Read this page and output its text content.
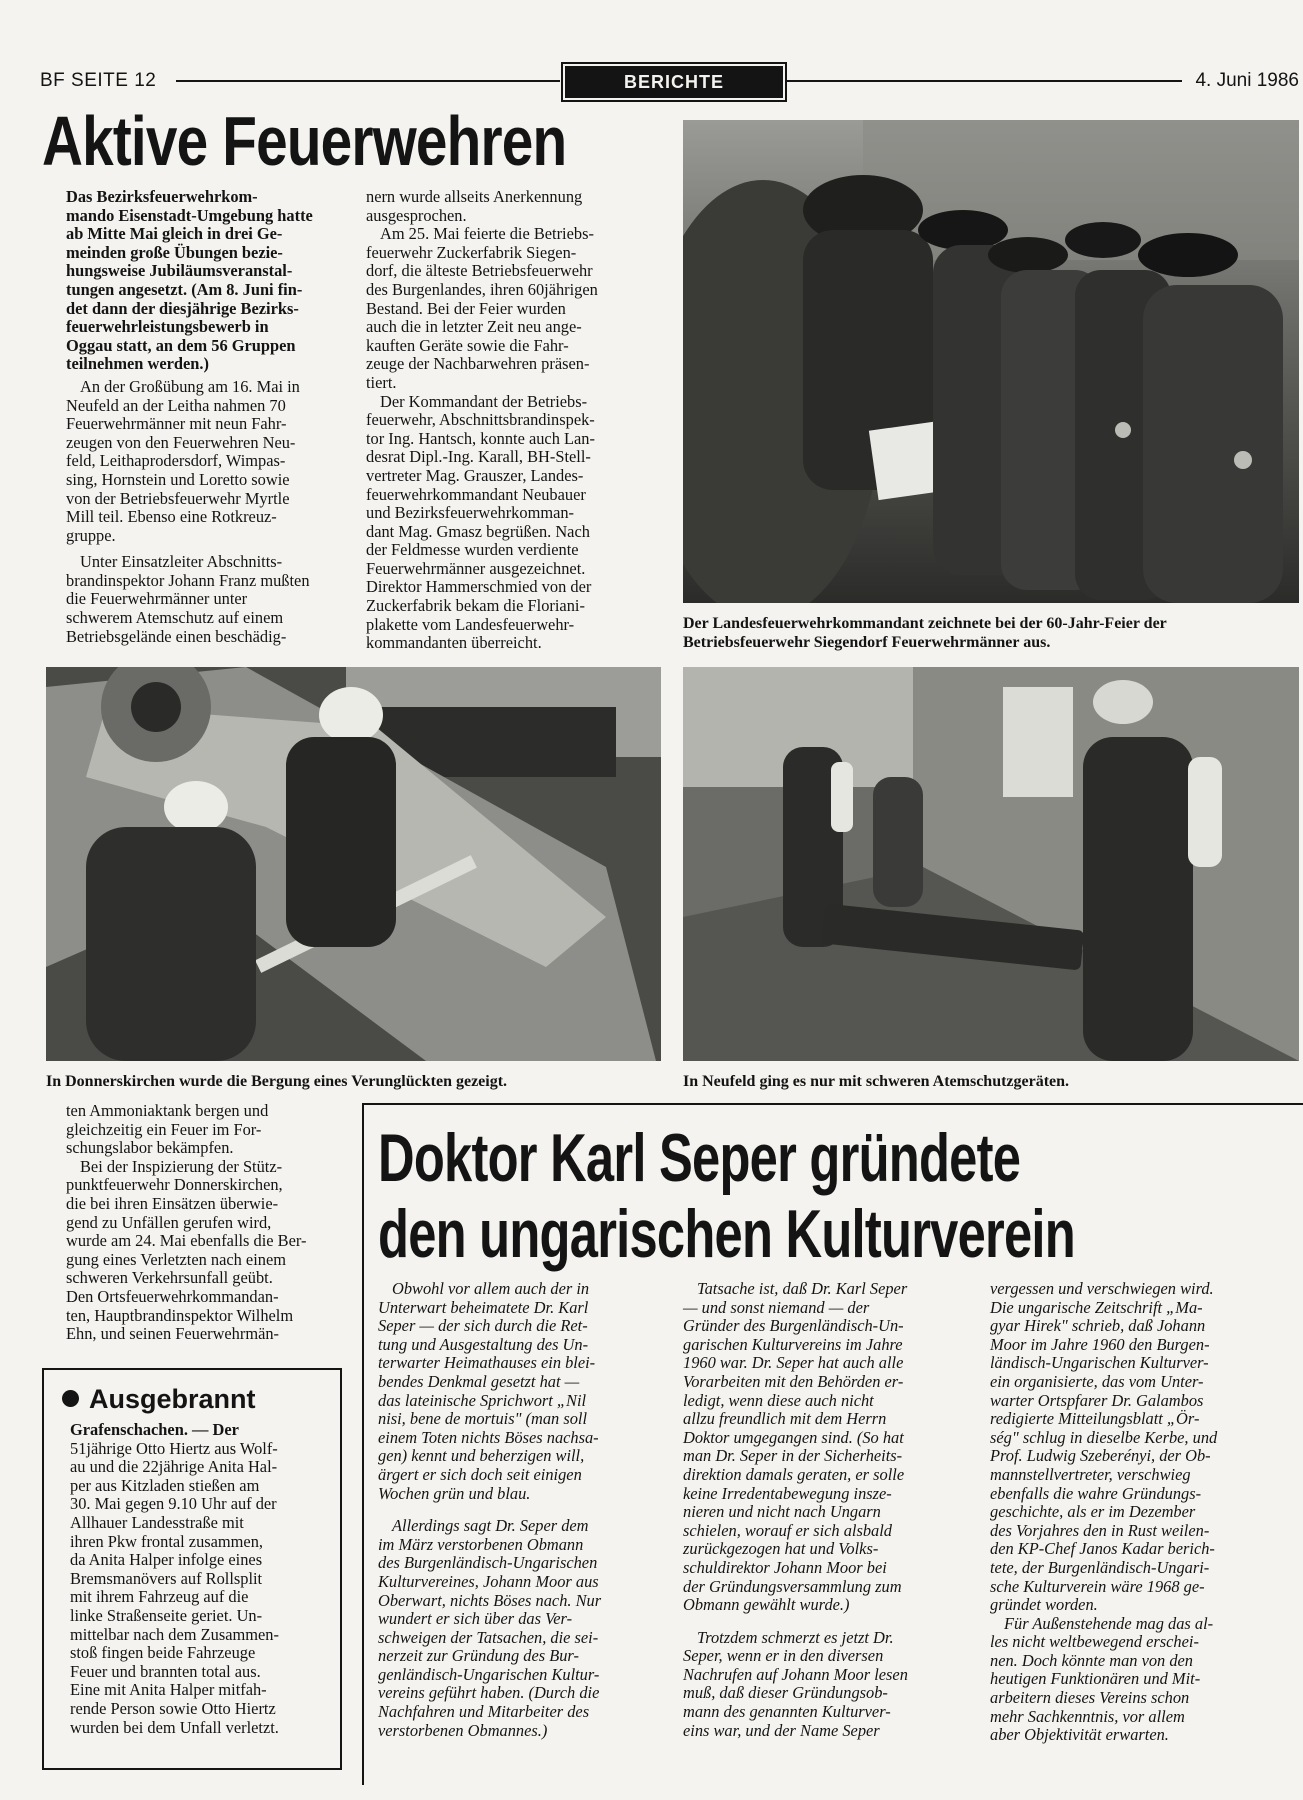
BF SEITE 12	BERICHTE	4. Juni 1986
Aktive Feuerwehren
Das Bezirksfeuerwehrkom-
mando Eisenstadt-Umgebung hatte
ab Mitte Mai gleich in drei Ge-
meinden große Übungen bezie-
hungsweise Jubiläumsveranstal-
tungen angesetzt. (Am 8. Juni fin-
det dann der diesjährige Bezirks-
feuerwehrleistungsbewerb in
Oggau statt, an dem 56 Gruppen
teilnehmen werden.)
An der Großübung am 16. Mai in
Neufeld an der Leitha nahmen 70
Feuerwehrmänner mit neun Fahr-
zeugen von den Feuerwehren Neu-
feld, Leithaprodersdorf, Wimpas-
sing, Hornstein und Loretto sowie
von der Betriebsfeuerwehr Myrtle
Mill teil. Ebenso eine Rotkreuz-
gruppe.
Unter Einsatzleiter Abschnitts-
brandinspektor Johann Franz mußten
die Feuerwehrmänner unter
schwerem Atemschutz auf einem
Betriebsgelände einen beschädig-
nern wurde allseits Anerkennung
ausgesprochen.
Am 25. Mai feierte die Betriebs-
feuerwehr Zuckerfabrik Siegen-
dorf, die älteste Betriebsfeuerwehr
des Burgenlandes, ihren 60jährigen
Bestand. Bei der Feier wurden
auch die in letzter Zeit neu ange-
kauften Geräte sowie die Fahr-
zeuge der Nachbarwehren präsen-
tiert.
Der Kommandant der Betriebs-
feuerwehr, Abschnittsbrandinspek-
tor Ing. Hantsch, konnte auch Lan-
desrat Dipl.-Ing. Karall, BH-Stell-
vertreter Mag. Grauszer, Landes-
feuerwehrkommandant Neubauer
und Bezirksfeuerwehrkomman-
dant Mag. Gmasz begrüßen. Nach
der Feldmesse wurden verdiente
Feuerwehrmänner ausgezeichnet.
Direktor Hammerschmied von der
Zuckerfabrik bekam die Floriani-
plakette vom Landesfeuerwehr-
kommandanten überreicht.
Der Landesfeuerwehrkommandant zeichnete bei der 60-Jahr-Feier der
Betriebsfeuerwehr Siegendorf Feuerwehrmänner aus.
In Donnerskirchen wurde die Bergung eines Verunglückten gezeigt.	In Neufeld ging es nur mit schweren Atemschutzgeräten.
ten Ammoniaktank bergen und
gleichzeitig ein Feuer im For-
schungslabor bekämpfen.
Bei der Inspizierung der Stütz-
punktfeuerwehr Donnerskirchen,
die bei ihren Einsätzen überwie-
gend zu Unfällen gerufen wird,
wurde am 24. Mai ebenfalls die Ber-
gung eines Verletzten nach einem
schweren Verkehrsunfall geübt.
Den Ortsfeuerwehrkommandan-
ten, Hauptbrandinspektor Wilhelm
Ehn, und seinen Feuerwehrmän-
Ausgebrannt
Grafenschachen. — Der
51jährige Otto Hiertz aus Wolf-
au und die 22jährige Anita Hal-
per aus Kitzladen stießen am
30. Mai gegen 9.10 Uhr auf der
Allhauer Landesstraße mit
ihren Pkw frontal zusammen,
da Anita Halper infolge eines
Bremsmanövers auf Rollsplit
mit ihrem Fahrzeug auf die
linke Straßenseite geriet. Un-
mittelbar nach dem Zusammen-
stoß fingen beide Fahrzeuge
Feuer und brannten total aus.
Eine mit Anita Halper mitfah-
rende Person sowie Otto Hiertz
wurden bei dem Unfall verletzt.
Doktor Karl Seper gründete
den ungarischen Kulturverein
Obwohl vor allem auch der in
Unterwart beheimatete Dr. Karl
Seper — der sich durch die Ret-
tung und Ausgestaltung des Un-
terwarter Heimathauses ein blei-
bendes Denkmal gesetzt hat —
das lateinische Sprichwort „Nil
nisi, bene de mortuis" (man soll
einem Toten nichts Böses nachsa-
gen) kennt und beherzigen will,
ärgert er sich doch seit einigen
Wochen grün und blau.
Allerdings sagt Dr. Seper dem
im März verstorbenen Obmann
des Burgenländisch-Ungarischen
Kulturvereines, Johann Moor aus
Oberwart, nichts Böses nach. Nur
wundert er sich über das Ver-
schweigen der Tatsachen, die sei-
nerzeit zur Gründung des Bur-
genländisch-Ungarischen Kultur-
vereins geführt haben. (Durch die
Nachfahren und Mitarbeiter des
verstorbenen Obmannes.)
Tatsache ist, daß Dr. Karl Seper
— und sonst niemand — der
Gründer des Burgenländisch-Un-
garischen Kulturvereins im Jahre
1960 war. Dr. Seper hat auch alle
Vorarbeiten mit den Behörden er-
ledigt, wenn diese auch nicht
allzu freundlich mit dem Herrn
Doktor umgegangen sind. (So hat
man Dr. Seper in der Sicherheits-
direktion damals geraten, er solle
keine Irredentabewegung insze-
nieren und nicht nach Ungarn
schielen, worauf er sich alsbald
zurückgezogen hat und Volks-
schuldirektor Johann Moor bei
der Gründungsversammlung zum
Obmann gewählt wurde.)
Trotzdem schmerzt es jetzt Dr.
Seper, wenn er in den diversen
Nachrufen auf Johann Moor lesen
muß, daß dieser Gründungsob-
mann des genannten Kulturver-
eins war, und der Name Seper
vergessen und verschwiegen wird.
Die ungarische Zeitschrift „Ma-
gyar Hirek" schrieb, daß Johann
Moor im Jahre 1960 den Burgen-
ländisch-Ungarischen Kulturver-
ein organisierte, das vom Unter-
warter Ortspfarer Dr. Galambos
redigierte Mitteilungsblatt „Ör-
ség" schlug in dieselbe Kerbe, und
Prof. Ludwig Szeberényi, der Ob-
mannstellvertreter, verschwieg
ebenfalls die wahre Gründungs-
geschichte, als er im Dezember
des Vorjahres den in Rust weilen-
den KP-Chef Janos Kadar berich-
tete, der Burgenländisch-Ungari-
sche Kulturverein wäre 1968 ge-
gründet worden.
Für Außenstehende mag das al-
les nicht weltbewegend erschei-
nen. Doch könnte man von den
heutigen Funktionären und Mit-
arbeitern dieses Vereins schon
mehr Sachkenntnis, vor allem
aber Objektivität erwarten.
